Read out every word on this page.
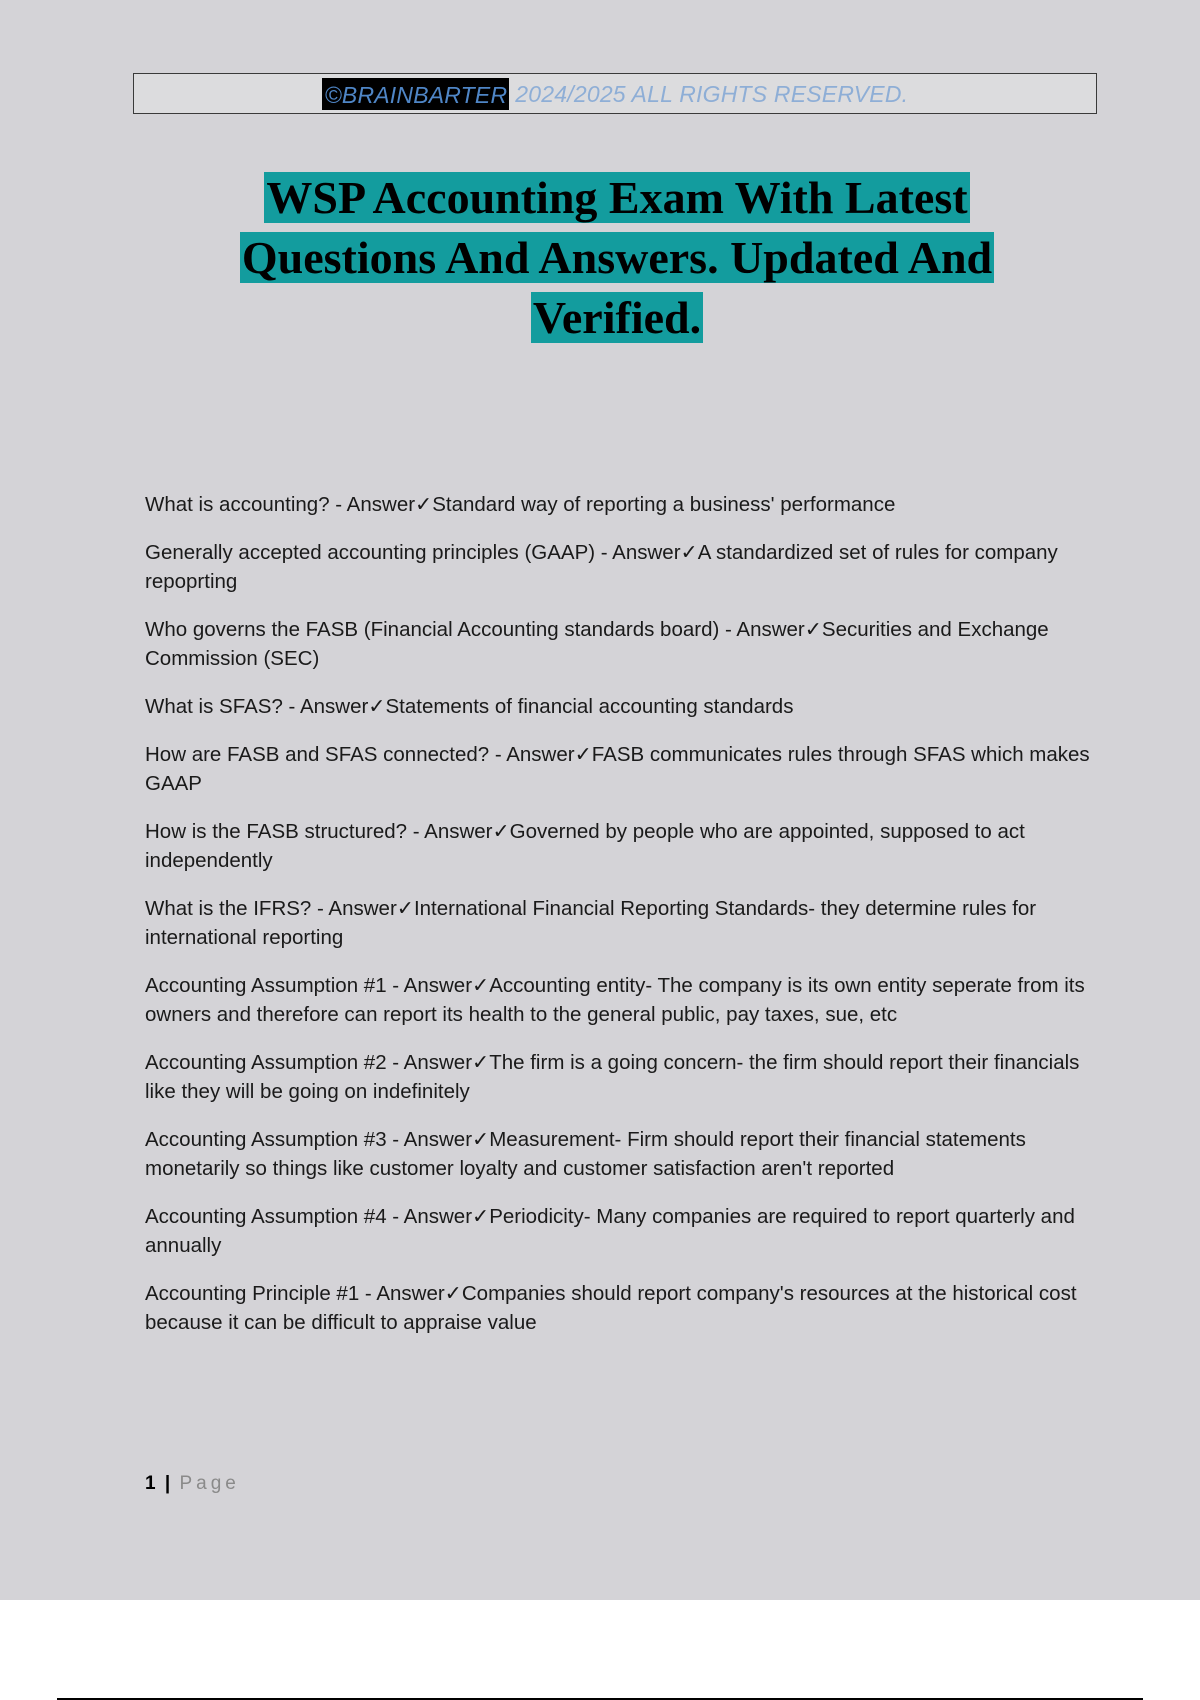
©BRAINBARTER 2024/2025 ALL RIGHTS RESERVED.
WSP Accounting Exam With Latest
Questions And Answers. Updated And
Verified.
What is accounting? - Answer✓Standard way of reporting a business' performance
Generally accepted accounting principles (GAAP) - Answer✓A standardized set of rules for company repoprting
Who governs the FASB (Financial Accounting standards board) - Answer✓Securities and Exchange Commission (SEC)
What is SFAS? - Answer✓Statements of financial accounting standards
How are FASB and SFAS connected? - Answer✓FASB communicates rules through SFAS which makes GAAP
How is the FASB structured? - Answer✓Governed by people who are appointed, supposed to act independently
What is the IFRS? - Answer✓International Financial Reporting Standards- they determine rules for international reporting
Accounting Assumption #1 - Answer✓Accounting entity- The company is its own entity seperate from its owners and therefore can report its health to the general public, pay taxes, sue, etc
Accounting Assumption #2 - Answer✓The firm is a going concern- the firm should report their financials like they will be going on indefinitely
Accounting Assumption #3 - Answer✓Measurement- Firm should report their financial statements monetarily so things like customer loyalty and customer satisfaction aren't reported
Accounting Assumption #4 - Answer✓Periodicity- Many companies are required to report quarterly and annually
Accounting Principle #1 - Answer✓Companies should report company's resources at the historical cost because it can be difficult to appraise value
1 | Page
